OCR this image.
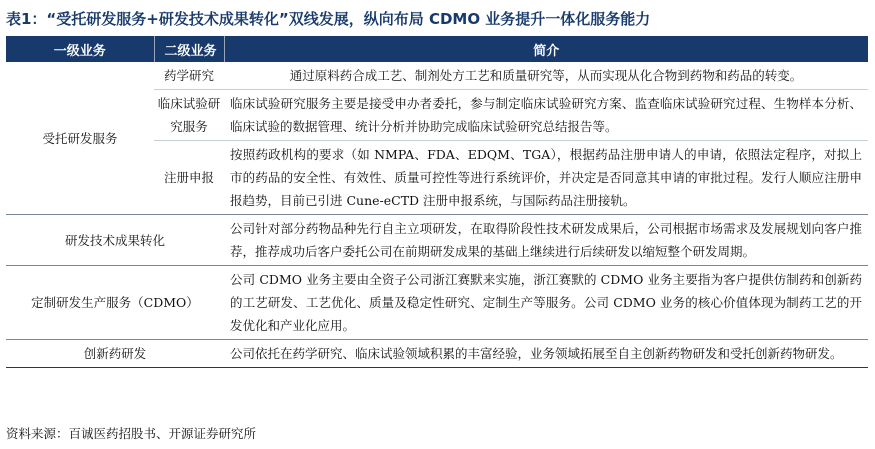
表1：“受托研发服务+研发技术成果转化”双线发展，纵向布局 CDMO 业务提升一体化服务能力
一级业务	二级业务	简介
受托研发服务	药学研究	通过原料药合成工艺、制剂处方工艺和质量研究等，从而实现从化合物到药物和药品的转变。
	临床试验研究服务	临床试验研究服务主要是接受申办者委托，参与制定临床试验研究方案、监查临床试验研究过程、生物样本分析、临床试验的数据管理、统计分析并协助完成临床试验研究总结报告等。
	注册申报	按照药政机构的要求（如 NMPA、FDA、EDQM、TGA），根据药品注册申请人的申请，依照法定程序，对拟上市的药品的安全性、有效性、质量可控性等进行系统评价，并决定是否同意其申请的审批过程。发行人顺应注册申报趋势，目前已引进 Cune-eCTD 注册申报系统，与国际药品注册接轨。
研发技术成果转化		公司针对部分药物品种先行自主立项研发，在取得阶段性技术研发成果后，公司根据市场需求及发展规划向客户推荐，推荐成功后客户委托公司在前期研发成果的基础上继续进行后续研发以缩短整个研发周期。
定制研发生产服务（CDMO）		公司 CDMO 业务主要由全资子公司浙江赛默来实施，浙江赛默的 CDMO 业务主要指为客户提供仿制药和创新药的工艺研发、工艺优化、质量及稳定性研究、定制生产等服务。公司 CDMO 业务的核心价值体现为制药工艺的开发优化和产业化应用。
创新药研发		公司依托在药学研究、临床试验领域积累的丰富经验，业务领域拓展至自主创新药物研发和受托创新药物研发。
资料来源：百诚医药招股书、开源证券研究所
